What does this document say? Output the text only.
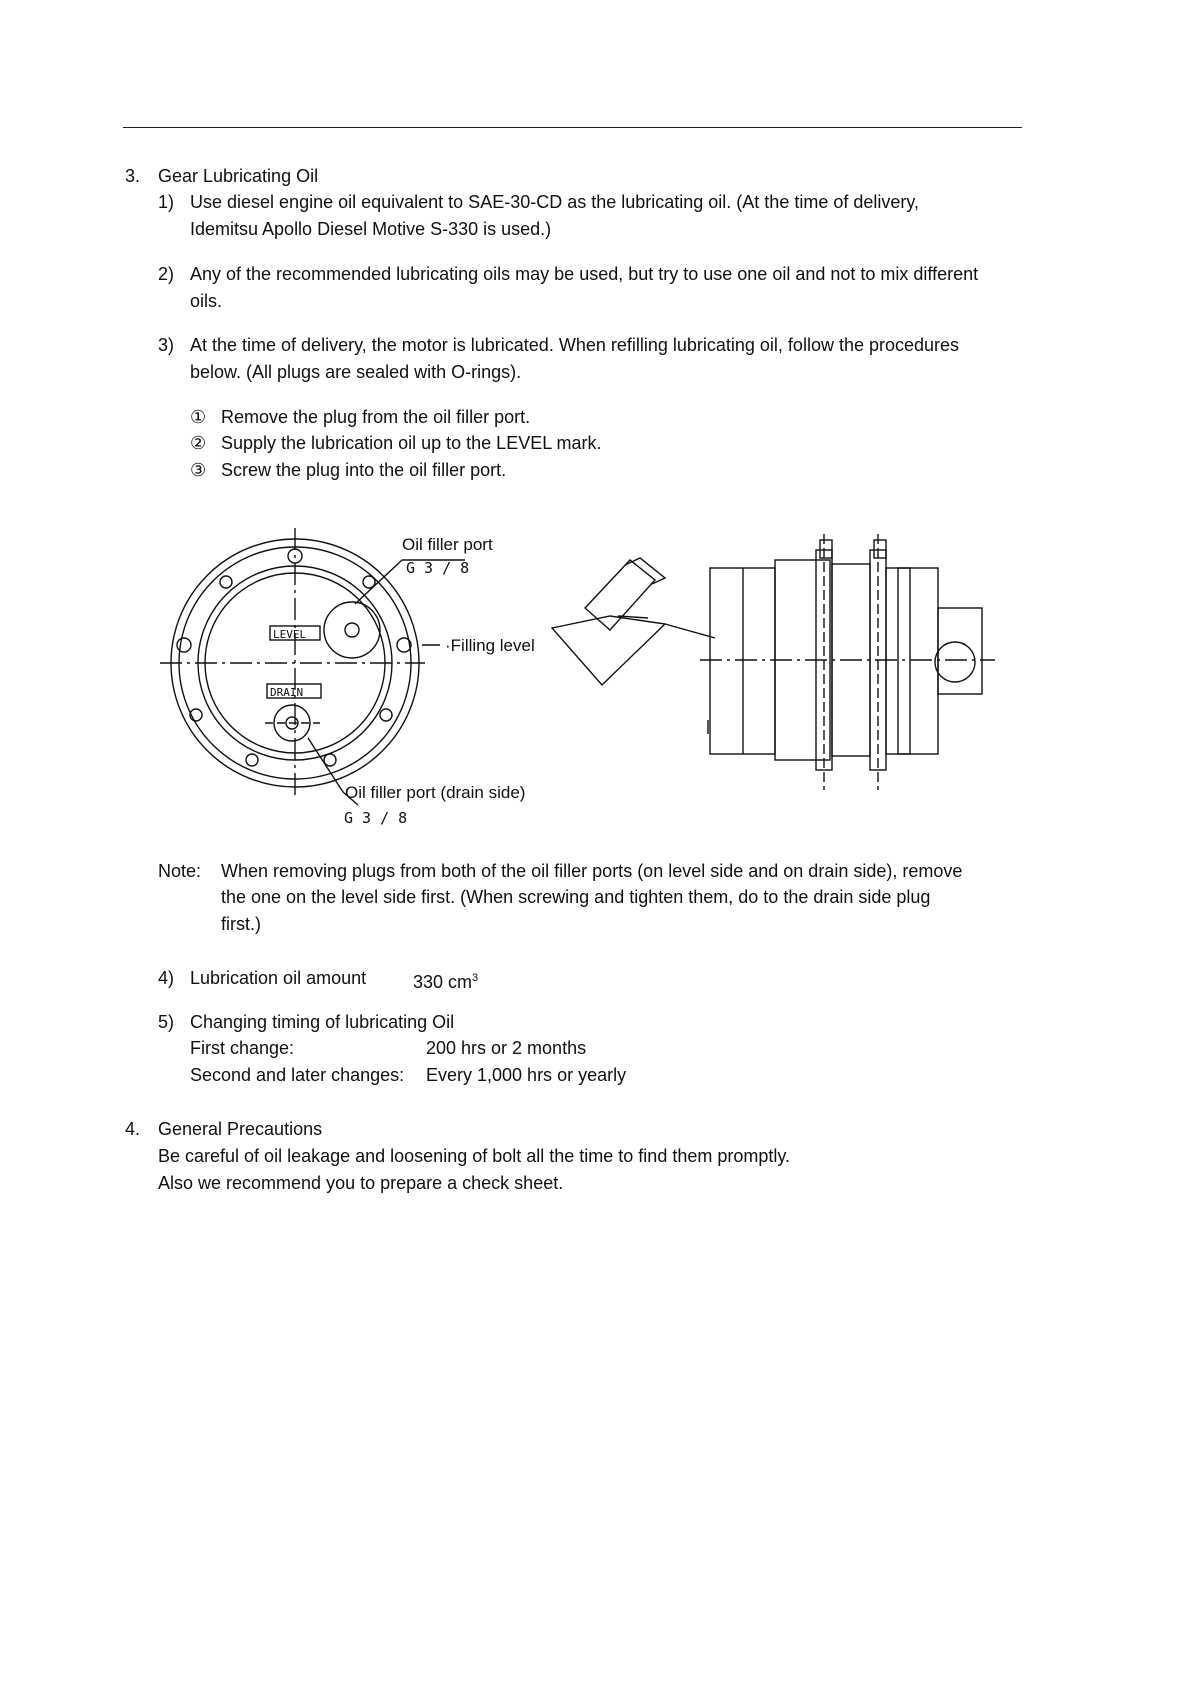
3. Gear Lubricating Oil
1) Use diesel engine oil equivalent to SAE-30-CD as the lubricating oil. (At the time of delivery,
Idemitsu Apollo Diesel Motive S-330 is used.)
2) Any of the recommended lubricating oils may be used, but try to use one oil and not to mix different
oils.
3) At the time of delivery, the motor is lubricated. When refilling lubricating oil, follow the procedures
below. (All plugs are sealed with O-rings).
① Remove the plug from the oil filler port.
② Supply the lubrication oil up to the LEVEL mark.
③ Screw the plug into the oil filler port.
LEVEL
DRAIN
Oil filler port
G 3 / 8
·Filling level
Oil filler port (drain side)
G 3 / 8
Note: When removing plugs from both of the oil filler ports (on level side and on drain side), remove
the one on the level side first. (When screwing and tighten them, do to the drain side plug
first.)
4) Lubrication oil amount	330 $cm^3$
5) Changing timing of lubricating Oil
First change:	200 hrs or 2 months
Second and later changes: Every 1,000 hrs or yearly
4. General Precautions
Be careful of oil leakage and loosening of bolt all the time to find them promptly.
Also we recommend you to prepare a check sheet.
